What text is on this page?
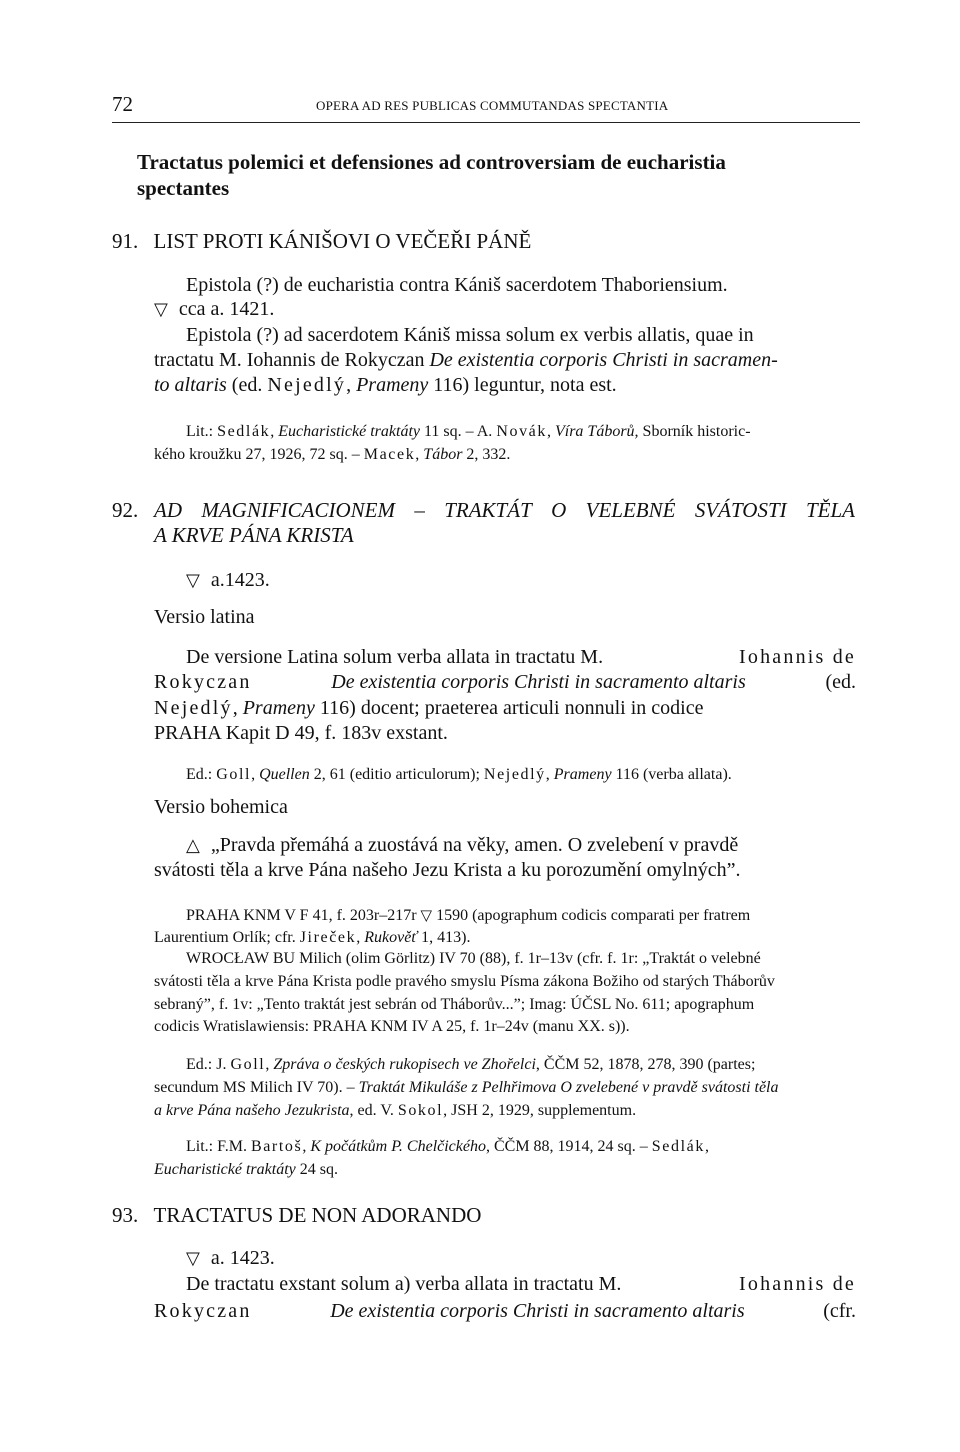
72	OPERA AD RES PUBLICAS COMMUTANDAS SPECTANTIA
Tractatus polemici et defensiones ad controversiam de eucharistia
spectantes
91. LIST PROTI KÁNIŠOVI O VEČEŘI PÁNĚ
Epistola (?) de eucharistia contra Kániš sacerdotem Thaboriensium.
▽ cca a. 1421.
Epistola (?) ad sacerdotem Kániš missa solum ex verbis allatis, quae in
tractatu M. Iohannis de Rokyczan De existentia corporis Christi in sacramen-
to altaris (ed. Nejedlý, Prameny 116) leguntur, nota est.
Lit.: Sedlák, Eucharistické traktáty 11 sq. – A. Novák, Víra Táborů, Sborník historic-
kého kroužku 27, 1926, 72 sq. – Macek, Tábor 2, 332.
92. AD MAGNIFICACIONEM – TRAKTÁT O VELEBNÉ SVÁTOSTI TĚLA
A KRVE PÁNA KRISTA
▽ a.1423.
Versio latina
De versione Latina solum verba allata in tractatu M.	Iohannis de
Rokyczan	De existentia corporis Christi in sacramento altaris	(ed.
Nejedlý, Prameny 116) docent; praeterea articuli nonnuli in codice
PRAHA Kapit D 49, f. 183v exstant.
Ed.: Goll, Quellen 2, 61 (editio articulorum); Nejedlý, Prameny 116 (verba allata).
Versio bohemica
△ „Pravda přemáhá a zuostává na věky, amen. O zvelebení v pravdě
svátosti těla a krve Pána našeho Jezu Krista a ku porozumění omylných”.
PRAHA KNM V F 41, f. 203r–217r ▽ 1590 (apographum codicis comparati per fratrem
Laurentium Orlík; cfr. Jireček, Rukověť 1, 413).
WROCŁAW BU Milich (olim Görlitz) IV 70 (88), f. 1r–13v (cfr. f. 1r: „Traktát o velebné
svátosti těla a krve Pána Krista podle pravého smyslu Písma zákona Božiho od starých Tháborův
sebraný”, f. 1v: „Tento traktát jest sebrán od Tháborův...”; Imag: ÚČSL No. 611; apographum
codicis Wratislawiensis: PRAHA KNM IV A 25, f. 1r–24v (manu XX. s)).
Ed.: J. Goll, Zpráva o českých rukopisech ve Zhořelci, ČČM 52, 1878, 278, 390 (partes;
secundum MS Milich IV 70). – Traktát Mikuláše z Pelhřimova O zvelebené v pravdě svátosti těla
a krve Pána našeho Jezukrista, ed. V. Sokol, JSH 2, 1929, supplementum.
Lit.: F.M. Bartoš, K počátkům P. Chelčického, ČČM 88, 1914, 24 sq. – Sedlák,
Eucharistické traktáty 24 sq.
93. TRACTATUS DE NON ADORANDO
▽ a. 1423.
De tractatu exstant solum a) verba allata in tractatu M.	Iohannis de
Rokyczan	De existentia corporis Christi in sacramento altaris	(cfr.
